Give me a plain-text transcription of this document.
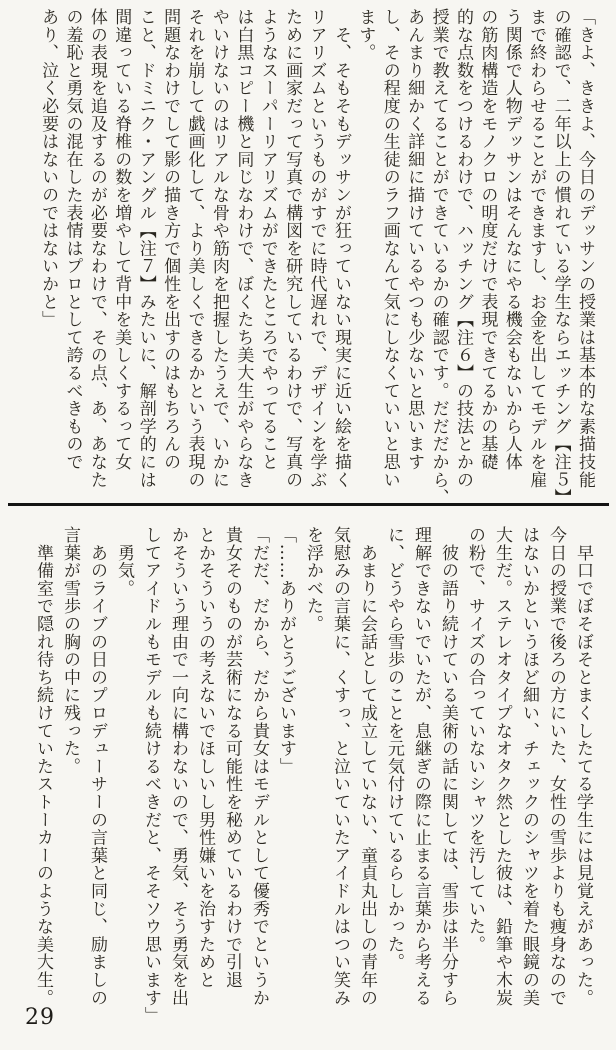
「きよ、ききよ、今日のデッサンの授業は基本的な素描技能
の確認で、二年以上の慣れている学生ならエッチング【注５】
まで終わらせることができますし、お金を出してモデルを雇
う関係で人物デッサンはそんなにやる機会もないから人体
の筋肉構造をモノクロの明度だけで表現できてるかの基礎
的な点数をつけるわけで、ハッチング【注６】の技法とかの
授業で教えてることができているかの確認です。だだだから、
あんまり細かく詳細に描けているやつも少ないと思います
し、その程度の生徒のラフ画なんて気にしなくていいと思い
ます。
　そ、そもそもデッサンが狂っていない現実に近い絵を描く
リアリズムというものがすでに時代遅れで、デザインを学ぶ
ために画家だって写真で構図を研究しているわけで、写真の
ようなスーパーリアリズムができたところでやってること
は白黒コピー機と同じなわけで、ぼくたち美大生がやらなき
やいけないのはリアルな骨や筋肉を把握したうえで、いかに
それを崩して戯画化して、より美しくできるかという表現の
問題なわけでして影の描き方で個性を出すのはもちろんの
こと、ドミニク・アングル【注７】みたいに、解剖学的には
間違っている脊椎の数を増やして背中を美しくするって女
体の表現を追及するのが必要なわけで、その点、あ、あなた
の羞恥と勇気の混在した表情はプロとして誇るべきもので
あり、泣く必要はないのではないかと」
　早口でぼそぼそとまくしたてる学生には見覚えがあった。
今日の授業で後ろの方にいた、女性の雪歩よりも痩身なので
はないかというほど細い、チェックのシャツを着た眼鏡の美
大生だ。ステレオタイプなオタク然とした彼は、鉛筆や木炭
の粉で、サイズの合っていないシャツを汚していた。
　彼の語り続けている美術の話に関しては、雪歩は半分すら
理解できないでいたが、息継ぎの際に止まる言葉から考える
に、どうやら雪歩のことを元気付けているらしかった。
　あまりに会話として成立していない、童貞丸出しの青年の
気慰みの言葉に、くすっ、と泣いていたアイドルはつい笑み
を浮かべた。
「……ありがとうございます」
「だだ、だから、だから貴女はモデルとして優秀でというか
貴女そのものが芸術になる可能性を秘めているわけで引退
とかそういうの考えないでほしいし男性嫌いを治すためと
かそういう理由で一向に構わないので、勇気、そう勇気を出
してアイドルもモデルも続けるべきだと、そそソウ思います」
　勇気。
　あのライブの日のプロデューサーの言葉と同じ、励ましの
言葉が雪歩の胸の中に残った。
　準備室で隠れ待ち続けていたストーカーのような美大生。
29
